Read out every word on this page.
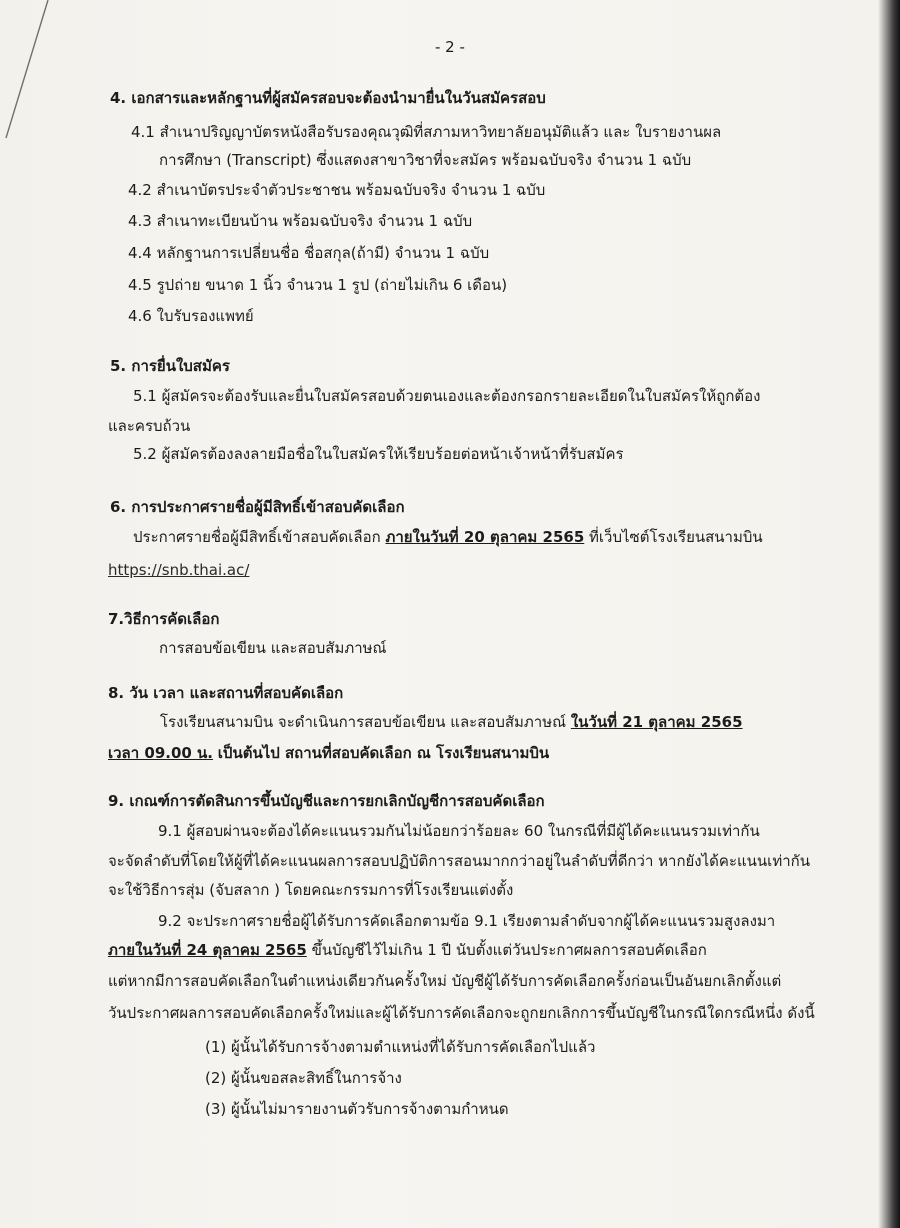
- 2 -
4. เอกสารและหลักฐานที่ผู้สมัครสอบจะต้องนำมายื่นในวันสมัครสอบ
4.1 สำเนาปริญญาบัตรหนังสือรับรองคุณวุฒิที่สภามหาวิทยาลัยอนุมัติแล้ว และ ใบรายงานผล
การศึกษา (Transcript) ซึ่งแสดงสาขาวิชาที่จะสมัคร พร้อมฉบับจริง จำนวน 1 ฉบับ
4.2 สำเนาบัตรประจำตัวประชาชน พร้อมฉบับจริง จำนวน 1 ฉบับ
4.3 สำเนาทะเบียนบ้าน พร้อมฉบับจริง จำนวน 1 ฉบับ
4.4 หลักฐานการเปลี่ยนชื่อ ชื่อสกุล(ถ้ามี) จำนวน 1 ฉบับ
4.5 รูปถ่าย ขนาด 1 นิ้ว จำนวน 1 รูป (ถ่ายไม่เกิน 6 เดือน)
4.6 ใบรับรองแพทย์
5. การยื่นใบสมัคร
5.1 ผู้สมัครจะต้องรับและยื่นใบสมัครสอบด้วยตนเองและต้องกรอกรายละเอียดในใบสมัครให้ถูกต้อง
และครบถ้วน
5.2 ผู้สมัครต้องลงลายมือชื่อในใบสมัครให้เรียบร้อยต่อหน้าเจ้าหน้าที่รับสมัคร
6. การประกาศรายชื่อผู้มีสิทธิ์เข้าสอบคัดเลือก
ประกาศรายชื่อผู้มีสิทธิ์เข้าสอบคัดเลือก ภายในวันที่ 20 ตุลาคม 2565 ที่เว็บไซต์โรงเรียนสนามบิน
https://snb.thai.ac/
7.วิธีการคัดเลือก
การสอบข้อเขียน และสอบสัมภาษณ์
8. วัน เวลา และสถานที่สอบคัดเลือก
โรงเรียนสนามบิน จะดำเนินการสอบข้อเขียน และสอบสัมภาษณ์ ในวันที่ 21 ตุลาคม 2565
เวลา 09.00 น. เป็นต้นไป สถานที่สอบคัดเลือก ณ โรงเรียนสนามบิน
9. เกณฑ์การตัดสินการขึ้นบัญชีและการยกเลิกบัญชีการสอบคัดเลือก
9.1 ผู้สอบผ่านจะต้องได้คะแนนรวมกันไม่น้อยกว่าร้อยละ 60 ในกรณีที่มีผู้ได้คะแนนรวมเท่ากัน
จะจัดลำดับที่โดยให้ผู้ที่ได้คะแนนผลการสอบปฏิบัติการสอนมากกว่าอยู่ในลำดับที่ดีกว่า หากยังได้คะแนนเท่ากัน
จะใช้วิธีการสุ่ม (จับสลาก ) โดยคณะกรรมการที่โรงเรียนแต่งตั้ง
9.2 จะประกาศรายชื่อผู้ได้รับการคัดเลือกตามข้อ 9.1 เรียงตามลำดับจากผู้ได้คะแนนรวมสูงลงมา
ภายในวันที่ 24 ตุลาคม 2565 ขึ้นบัญชีไว้ไม่เกิน 1 ปี นับตั้งแต่วันประกาศผลการสอบคัดเลือก
แต่หากมีการสอบคัดเลือกในตำแหน่งเดียวกันครั้งใหม่ บัญชีผู้ได้รับการคัดเลือกครั้งก่อนเป็นอันยกเลิกตั้งแต่
วันประกาศผลการสอบคัดเลือกครั้งใหม่และผู้ได้รับการคัดเลือกจะถูกยกเลิกการขึ้นบัญชีในกรณีใดกรณีหนึ่ง ดังนี้
(1) ผู้นั้นได้รับการจ้างตามตำแหน่งที่ได้รับการคัดเลือกไปแล้ว
(2) ผู้นั้นขอสละสิทธิ์ในการจ้าง
(3) ผู้นั้นไม่มารายงานตัวรับการจ้างตามกำหนด
